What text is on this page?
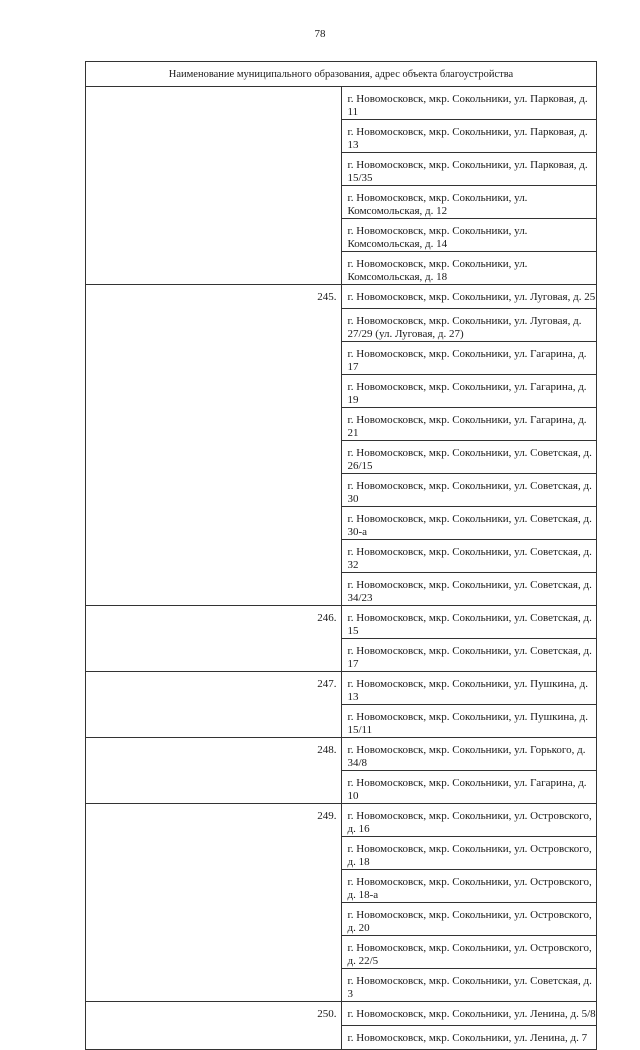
78
Наименование муниципального образования, адрес объекта благоустройства	
	г. Новомосковск, мкр. Сокольники, ул. Парковая, д. 11
	г. Новомосковск, мкр. Сокольники, ул. Парковая, д. 13
	г. Новомосковск, мкр. Сокольники, ул. Парковая, д. 15/35
	г. Новомосковск, мкр. Сокольники, ул. Комсомольская, д. 12
	г. Новомосковск, мкр. Сокольники, ул. Комсомольская, д. 14
	г. Новомосковск, мкр. Сокольники, ул. Комсомольская, д. 18
245.	г. Новомосковск, мкр. Сокольники, ул. Луговая, д. 25
	г. Новомосковск, мкр. Сокольники, ул. Луговая, д. 27/29 (ул. Луговая, д. 27)
	г. Новомосковск, мкр. Сокольники, ул. Гагарина, д. 17
	г. Новомосковск, мкр. Сокольники, ул. Гагарина, д. 19
	г. Новомосковск, мкр. Сокольники, ул. Гагарина, д. 21
	г. Новомосковск, мкр. Сокольники, ул. Советская, д. 26/15
	г. Новомосковск, мкр. Сокольники, ул. Советская, д. 30
	г. Новомосковск, мкр. Сокольники, ул. Советская, д. 30-а
	г. Новомосковск, мкр. Сокольники, ул. Советская, д. 32
	г. Новомосковск, мкр. Сокольники, ул. Советская, д. 34/23
246.	г. Новомосковск, мкр. Сокольники, ул. Советская, д. 15
	г. Новомосковск, мкр. Сокольники, ул. Советская, д. 17
247.	г. Новомосковск, мкр. Сокольники, ул. Пушкина, д. 13
	г. Новомосковск, мкр. Сокольники, ул. Пушкина, д. 15/11
248.	г. Новомосковск, мкр. Сокольники, ул. Горького, д. 34/8
	г. Новомосковск, мкр. Сокольники, ул. Гагарина, д. 10
249.	г. Новомосковск, мкр. Сокольники, ул. Островского, д. 16
	г. Новомосковск, мкр. Сокольники, ул. Островского, д. 18
	г. Новомосковск, мкр. Сокольники, ул. Островского, д. 18-а
	г. Новомосковск, мкр. Сокольники, ул. Островского, д. 20
	г. Новомосковск, мкр. Сокольники, ул. Островского, д. 22/5
	г. Новомосковск, мкр. Сокольники, ул. Советская, д. 3
250.	г. Новомосковск, мкр. Сокольники, ул. Ленина, д. 5/8
	г. Новомосковск, мкр. Сокольники, ул. Ленина, д. 7
